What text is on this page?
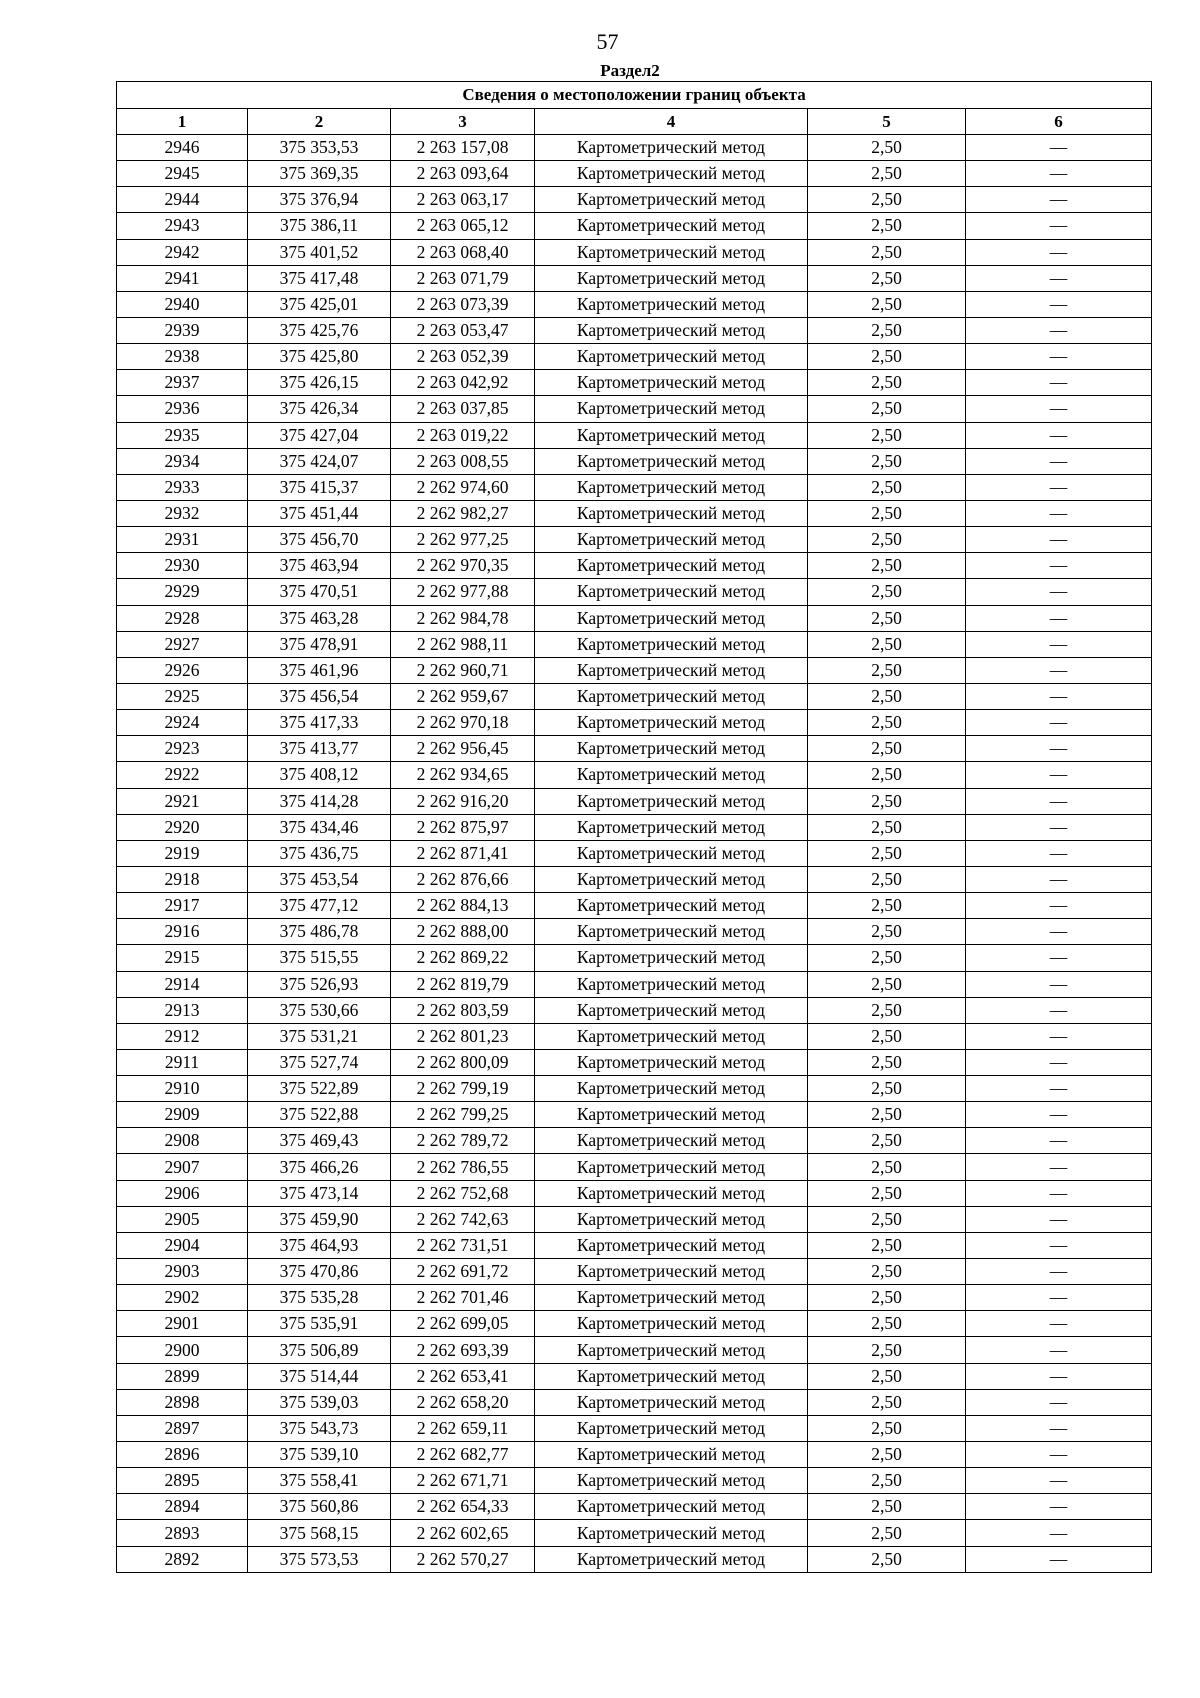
57
Раздел2
Сведения о местоположении границ объекта					
1	2	3	4	5	6
2946	375 353,53	2 263 157,08	Картометрический метод	2,50	—
2945	375 369,35	2 263 093,64	Картометрический метод	2,50	—
2944	375 376,94	2 263 063,17	Картометрический метод	2,50	—
2943	375 386,11	2 263 065,12	Картометрический метод	2,50	—
2942	375 401,52	2 263 068,40	Картометрический метод	2,50	—
2941	375 417,48	2 263 071,79	Картометрический метод	2,50	—
2940	375 425,01	2 263 073,39	Картометрический метод	2,50	—
2939	375 425,76	2 263 053,47	Картометрический метод	2,50	—
2938	375 425,80	2 263 052,39	Картометрический метод	2,50	—
2937	375 426,15	2 263 042,92	Картометрический метод	2,50	—
2936	375 426,34	2 263 037,85	Картометрический метод	2,50	—
2935	375 427,04	2 263 019,22	Картометрический метод	2,50	—
2934	375 424,07	2 263 008,55	Картометрический метод	2,50	—
2933	375 415,37	2 262 974,60	Картометрический метод	2,50	—
2932	375 451,44	2 262 982,27	Картометрический метод	2,50	—
2931	375 456,70	2 262 977,25	Картометрический метод	2,50	—
2930	375 463,94	2 262 970,35	Картометрический метод	2,50	—
2929	375 470,51	2 262 977,88	Картометрический метод	2,50	—
2928	375 463,28	2 262 984,78	Картометрический метод	2,50	—
2927	375 478,91	2 262 988,11	Картометрический метод	2,50	—
2926	375 461,96	2 262 960,71	Картометрический метод	2,50	—
2925	375 456,54	2 262 959,67	Картометрический метод	2,50	—
2924	375 417,33	2 262 970,18	Картометрический метод	2,50	—
2923	375 413,77	2 262 956,45	Картометрический метод	2,50	—
2922	375 408,12	2 262 934,65	Картометрический метод	2,50	—
2921	375 414,28	2 262 916,20	Картометрический метод	2,50	—
2920	375 434,46	2 262 875,97	Картометрический метод	2,50	—
2919	375 436,75	2 262 871,41	Картометрический метод	2,50	—
2918	375 453,54	2 262 876,66	Картометрический метод	2,50	—
2917	375 477,12	2 262 884,13	Картометрический метод	2,50	—
2916	375 486,78	2 262 888,00	Картометрический метод	2,50	—
2915	375 515,55	2 262 869,22	Картометрический метод	2,50	—
2914	375 526,93	2 262 819,79	Картометрический метод	2,50	—
2913	375 530,66	2 262 803,59	Картометрический метод	2,50	—
2912	375 531,21	2 262 801,23	Картометрический метод	2,50	—
2911	375 527,74	2 262 800,09	Картометрический метод	2,50	—
2910	375 522,89	2 262 799,19	Картометрический метод	2,50	—
2909	375 522,88	2 262 799,25	Картометрический метод	2,50	—
2908	375 469,43	2 262 789,72	Картометрический метод	2,50	—
2907	375 466,26	2 262 786,55	Картометрический метод	2,50	—
2906	375 473,14	2 262 752,68	Картометрический метод	2,50	—
2905	375 459,90	2 262 742,63	Картометрический метод	2,50	—
2904	375 464,93	2 262 731,51	Картометрический метод	2,50	—
2903	375 470,86	2 262 691,72	Картометрический метод	2,50	—
2902	375 535,28	2 262 701,46	Картометрический метод	2,50	—
2901	375 535,91	2 262 699,05	Картометрический метод	2,50	—
2900	375 506,89	2 262 693,39	Картометрический метод	2,50	—
2899	375 514,44	2 262 653,41	Картометрический метод	2,50	—
2898	375 539,03	2 262 658,20	Картометрический метод	2,50	—
2897	375 543,73	2 262 659,11	Картометрический метод	2,50	—
2896	375 539,10	2 262 682,77	Картометрический метод	2,50	—
2895	375 558,41	2 262 671,71	Картометрический метод	2,50	—
2894	375 560,86	2 262 654,33	Картометрический метод	2,50	—
2893	375 568,15	2 262 602,65	Картометрический метод	2,50	—
2892	375 573,53	2 262 570,27	Картометрический метод	2,50	—
